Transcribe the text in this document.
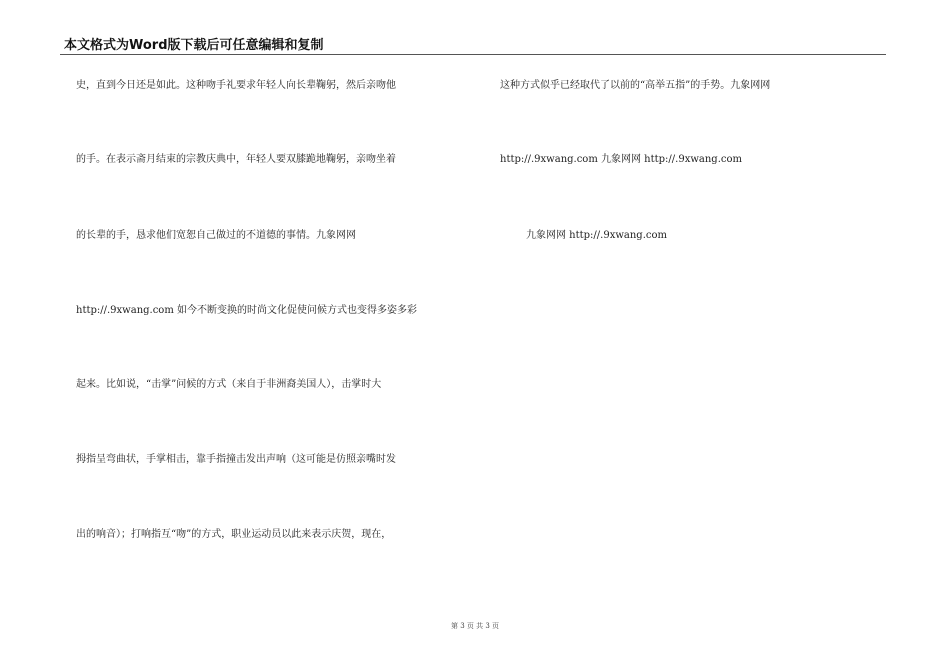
本文格式为Word版下载后可任意编辑和复制
史，直到今日还是如此。这种吻手礼要求年轻人向长辈鞠躬，然后亲吻他
的手。在表示斋月结束的宗教庆典中，年轻人要双膝跪地鞠躬，亲吻坐着
的长辈的手，恳求他们宽恕自己做过的不道德的事情。九象网网
http://.9xwang.com 如今不断变换的时尚文化促使问候方式也变得多姿多彩
起来。比如说，“击掌”问候的方式（来自于非洲裔美国人），击掌时大
拇指呈弯曲状，手掌相击，靠手指撞击发出声响（这可能是仿照亲嘴时发
出的响音）；打响指互“吻”的方式，职业运动员以此来表示庆贺，现在，
这种方式似乎已经取代了以前的“高举五指”的手势。九象网网
http://.9xwang.com 九象网网 http://.9xwang.com
九象网网 http://.9xwang.com
第 3 页 共 3 页
